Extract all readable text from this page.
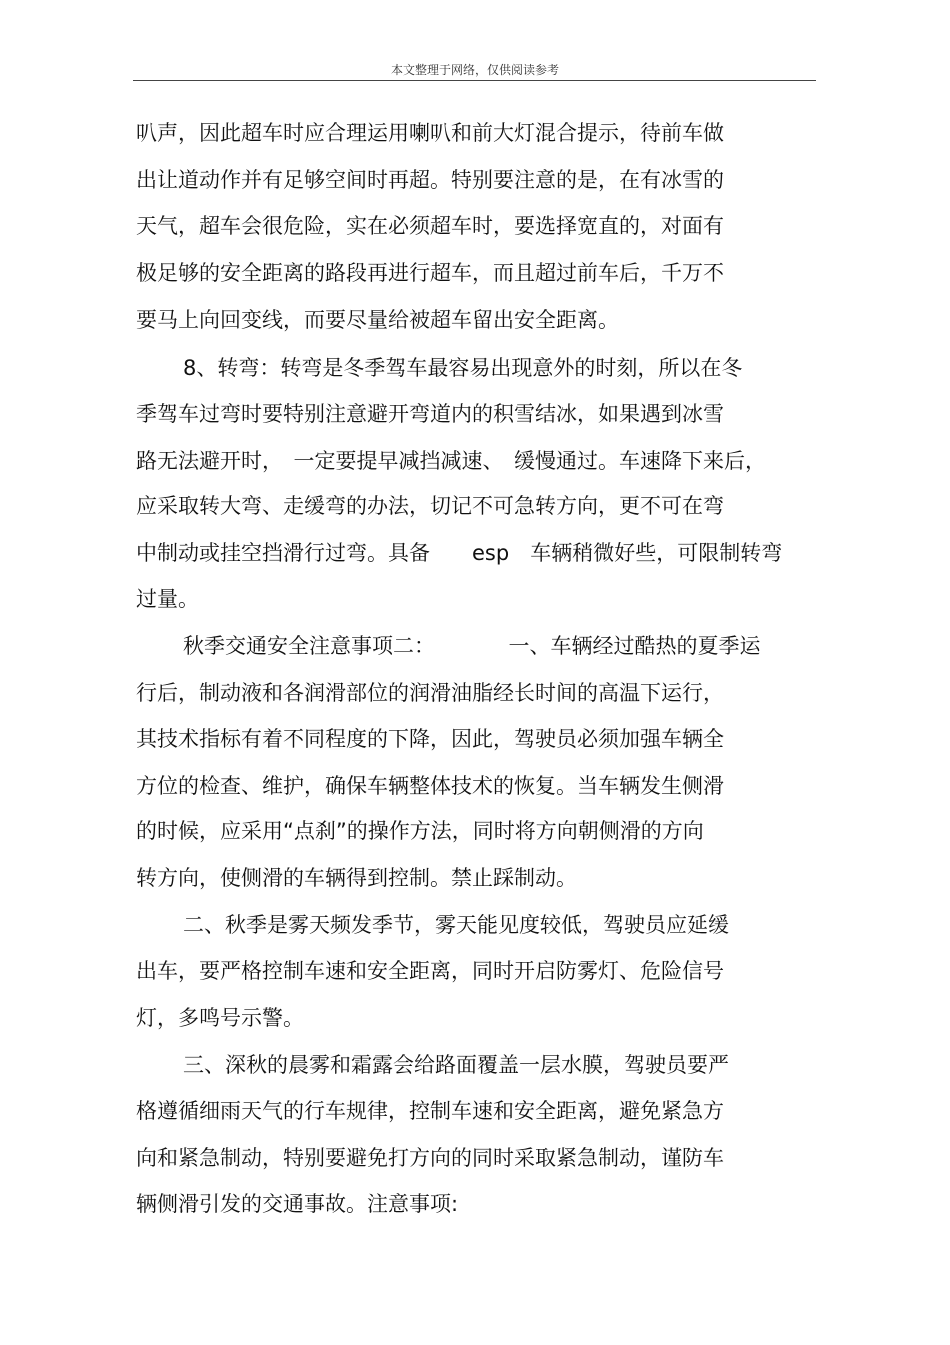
本文整理于网络，仅供阅读参考
叭声，因此超车时应合理运用喇叭和前大灯混合提示，待前车做
出让道动作并有足够空间时再超。特别要注意的是，在有冰雪的
天气，超车会很危险，实在必须超车时，要选择宽直的，对面有
极足够的安全距离的路段再进行超车，而且超过前车后，千万不
要马上向回变线，而要尽量给被超车留出安全距离。
8、转弯：转弯是冬季驾车最容易出现意外的时刻，所以在冬
季驾车过弯时要特别注意避开弯道内的积雪结冰，如果遇到冰雪
路无法避开时，　一定要提早减挡减速、　缓慢通过。车速降下来后，
应采取转大弯、走缓弯的办法，切记不可急转方向，更不可在弯
中制动或挂空挡滑行过弯。具备　　esp　车辆稍微好些，可限制转弯
过量。
秋季交通安全注意事项二：　　　　一、车辆经过酷热的夏季运
行后，制动液和各润滑部位的润滑油脂经长时间的高温下运行，
其技术指标有着不同程度的下降，因此，驾驶员必须加强车辆全
方位的检查、维护，确保车辆整体技术的恢复。当车辆发生侧滑
的时候，应采用“点刹”的操作方法，同时将方向朝侧滑的方向
转方向，使侧滑的车辆得到控制。禁止踩制动。
二、秋季是雾天频发季节，雾天能见度较低，驾驶员应延缓
出车，要严格控制车速和安全距离，同时开启防雾灯、危险信号
灯，多鸣号示警。
三、深秋的晨雾和霜露会给路面覆盖一层水膜，驾驶员要严
格遵循细雨天气的行车规律，控制车速和安全距离，避免紧急方
向和紧急制动，特别要避免打方向的同时采取紧急制动，谨防车
辆侧滑引发的交通事故。注意事项:
